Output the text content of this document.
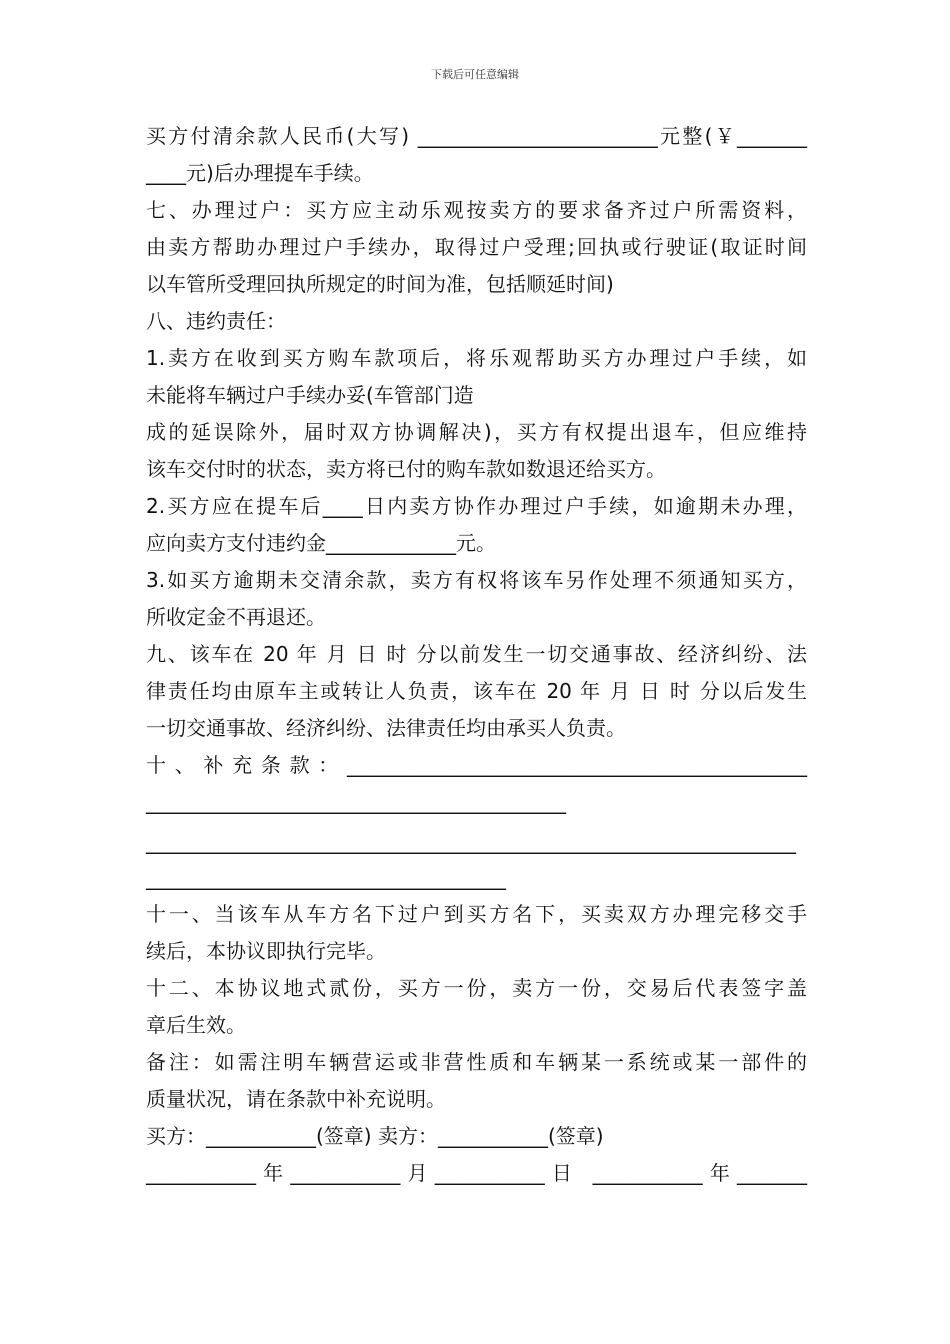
下载后可任意编辑
买方付清余款人民币(大写) ________________________元整(￥_______
____元)后办理提车手续。
七、办理过户：买方应主动乐观按卖方的要求备齐过户所需资料，
由卖方帮助办理过户手续办，取得过户受理;回执或行驶证(取证时间
以车管所受理回执所规定的时间为准，包括顺延时间)
八、违约责任：
1.卖方在收到买方购车款项后，将乐观帮助买方办理过户手续，如
未能将车辆过户手续办妥(车管部门造
成的延误除外，届时双方协调解决)，买方有权提出退车，但应维持
该车交付时的状态，卖方将已付的购车款如数退还给买方。
2.买方应在提车后____日内卖方协作办理过户手续，如逾期未办理，
应向卖方支付违约金_____________元。
3.如买方逾期未交清余款，卖方有权将该车另作处理不须通知买方，
所收定金不再退还。
九、该车在 20 年 月 日 时 分以前发生一切交通事故、经济纠纷、法
律责任均由原车主或转让人负责，该车在 20 年 月 日 时 分以后发生
一切交通事故、经济纠纷、法律责任均由承买人负责。
十、补充条款：______________________________________________
__________________________________________
_________________________________________________________________
____________________________________
十一、当该车从车方名下过户到买方名下，买卖双方办理完移交手
续后，本协议即执行完毕。
十二、本协议地式贰份，买方一份，卖方一份，交易后代表签字盖
章后生效。
备注：如需注明车辆营运或非营性质和车辆某一系统或某一部件的
质量状况，请在条款中补充说明。
买方：___________(签章) 卖方：___________(签章)
___________年___________月___________日 ___________年_______
